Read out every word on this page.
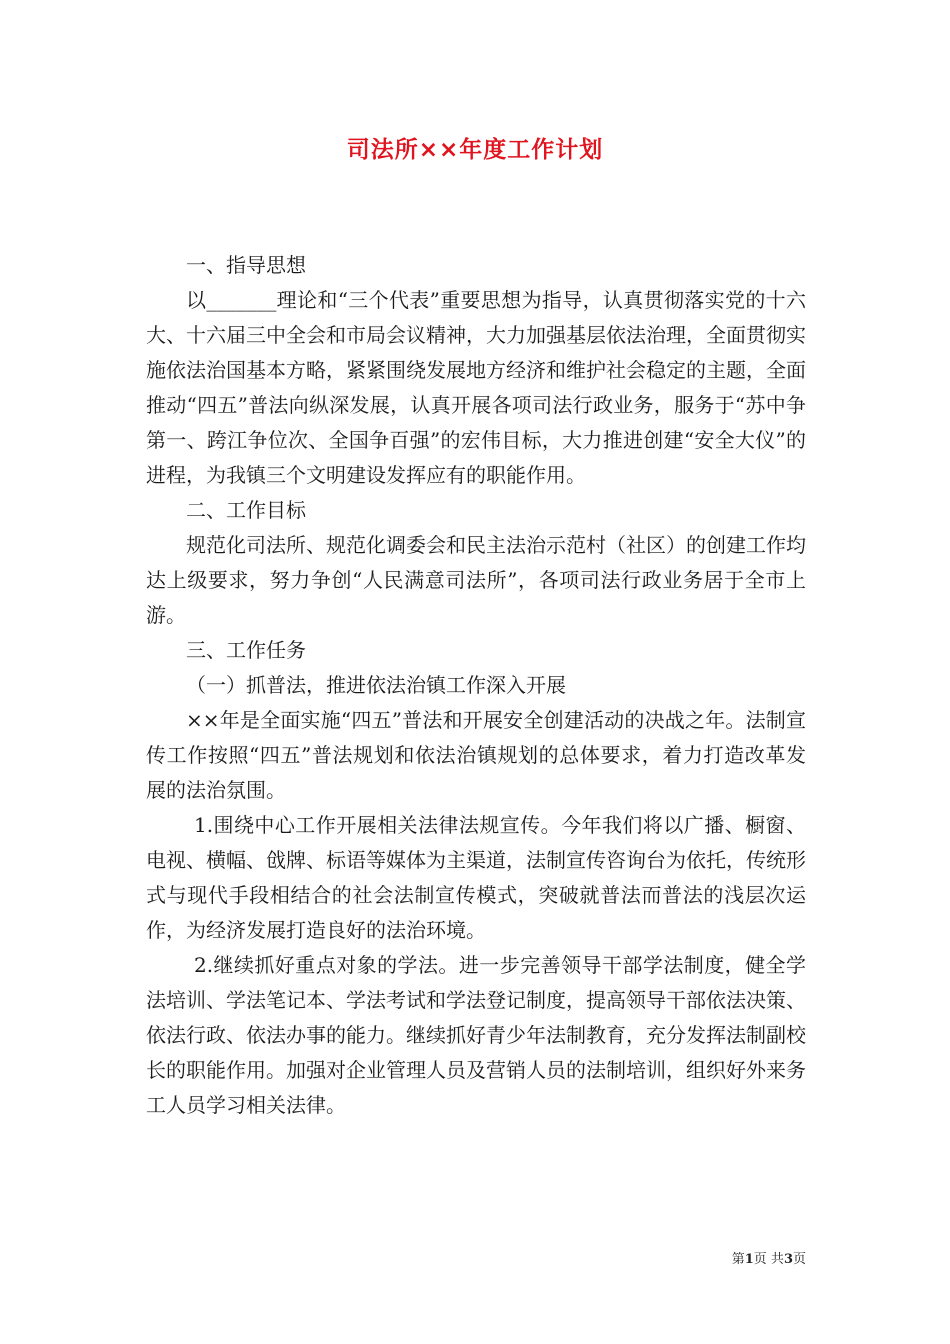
司法所××年度工作计划

一、指导思想

以_______理论和“三个代表”重要思想为指导，认真贯彻落实党的十六大、十六届三中全会和市局会议精神，大力加强基层依法治理，全面贯彻实施依法治国基本方略，紧紧围绕发展地方经济和维护社会稳定的主题，全面推动“四五”普法向纵深发展，认真开展各项司法行政业务，服务于“苏中争第一、跨江争位次、全国争百强”的宏伟目标，大力推进创建“安全大仪”的进程，为我镇三个文明建设发挥应有的职能作用。

二、工作目标

规范化司法所、规范化调委会和民主法治示范村（社区）的创建工作均达上级要求，努力争创“人民满意司法所”，各项司法行政业务居于全市上游。

三、工作任务

（一）抓普法，推进依法治镇工作深入开展

××年是全面实施“四五”普法和开展安全创建活动的决战之年。法制宣传工作按照“四五”普法规划和依法治镇规划的总体要求，着力打造改革发展的法治氛围。

1.围绕中心工作开展相关法律法规宣传。今年我们将以广播、橱窗、电视、横幅、戗牌、标语等媒体为主渠道，法制宣传咨询台为依托，传统形式与现代手段相结合的社会法制宣传模式，突破就普法而普法的浅层次运作，为经济发展打造良好的法治环境。

2.继续抓好重点对象的学法。进一步完善领导干部学法制度，健全学法培训、学法笔记本、学法考试和学法登记制度，提高领导干部依法决策、依法行政、依法办事的能力。继续抓好青少年法制教育，充分发挥法制副校长的职能作用。加强对企业管理人员及营销人员的法制培训，组织好外来务工人员学习相关法律。

第1页 共3页
